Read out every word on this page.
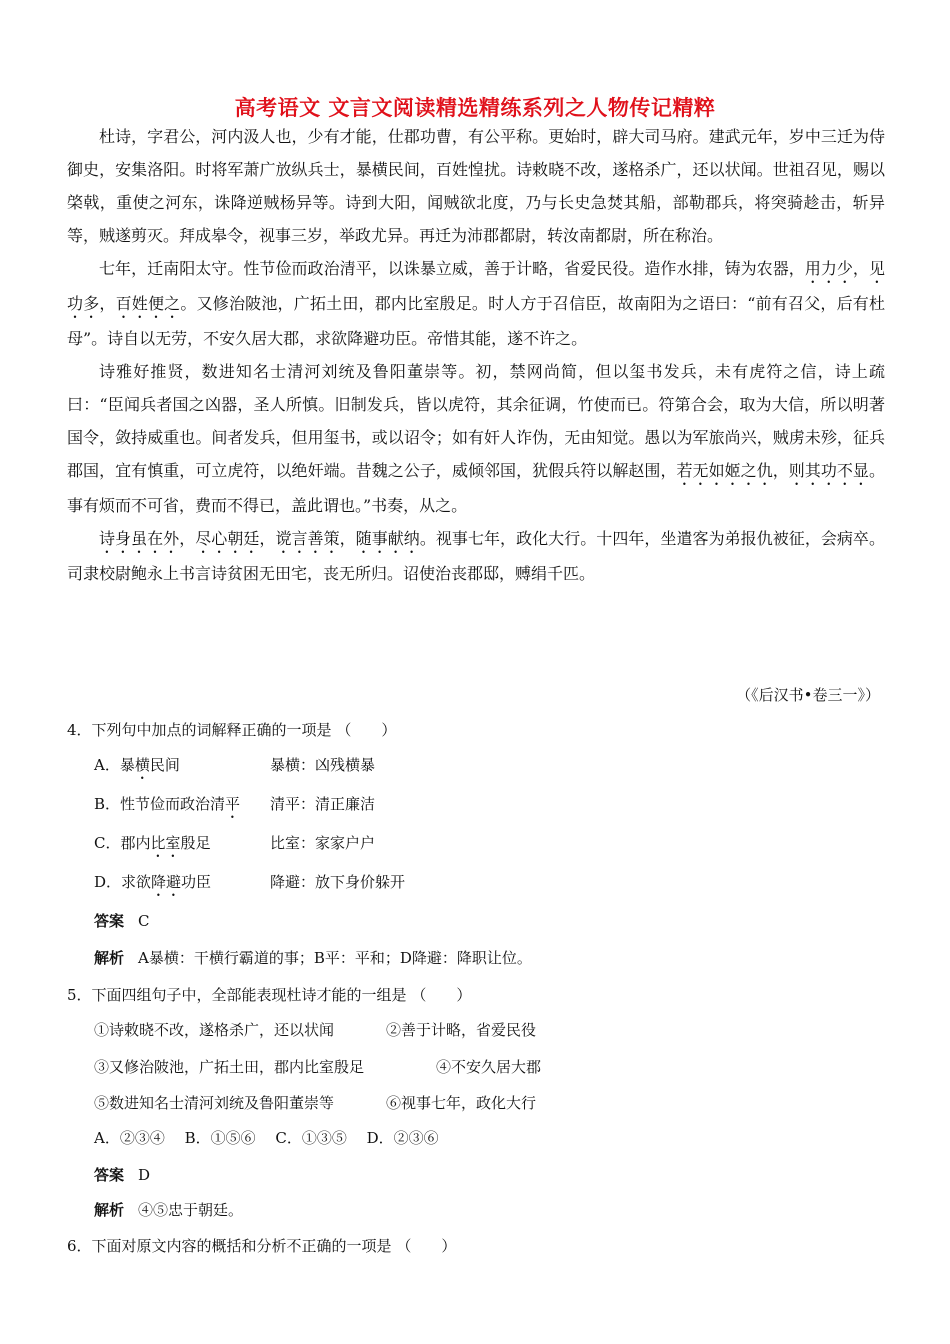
高考语文 文言文阅读精选精练系列之人物传记精粹

杜诗，字君公，河内汲人也，少有才能，仕郡功曹，有公平称。更始时，辟大司马府。建武元年，岁中三迁为侍御史，安集洛阳。时将军萧广放纵兵士，暴横民间，百姓惶扰。诗敕晓不改，遂格杀广，还以状闻。世祖召见，赐以棨戟，重使之河东，诛降逆贼杨异等。诗到大阳，闻贼欲北度，乃与长史急焚其船，部勒郡兵，将突骑趁击，斩异等，贼遂剪灭。拜成皋令，视事三岁，举政尤异。再迁为沛郡都尉，转汝南都尉，所在称治。

七年，迁南阳太守。性节俭而政治清平，以诛暴立威，善于计略，省爱民役。造作水排，铸为农器，用力少，见功多，百姓便之。又修治陂池，广拓土田，郡内比室殷足。时人方于召信臣，故南阳为之语曰：“前有召父，后有杜母”。诗自以无劳，不安久居大郡，求欲降避功臣。帝惜其能，遂不许之。

诗雅好推贤，数进知名士清河刘统及鲁阳董崇等。初，禁网尚简，但以玺书发兵，未有虎符之信，诗上疏曰：“臣闻兵者国之凶器，圣人所慎。旧制发兵，皆以虎符，其余征调，竹使而已。符第合会，取为大信，所以明著国令，敛持威重也。间者发兵，但用玺书，或以诏令；如有奸人诈伪，无由知觉。愚以为军旅尚兴，贼虏未殄，征兵郡国，宜有慎重，可立虎符，以绝奸端。昔魏之公子，威倾邻国，犹假兵符以解赵围，若无如姬之仇，则其功不显。事有烦而不可省，费而不得已，盖此谓也。”书奏，从之。

诗身虽在外，尽心朝廷，谠言善策，随事献纳。视事七年，政化大行。十四年，坐遣客为弟报仇被征，会病卒。司隶校尉鲍永上书言诗贫困无田宅，丧无所归。诏使治丧郡邸，赙绢千匹。

（《后汉书•卷三一》）
4．下列句中加点的词解释正确的一项是 （　　）
A．暴横民间	暴横：凶残横暴
B．性节俭而政治清平 清平：清正廉洁
C．郡内比室殷足	比室：家家户户
D．求欲降避功臣	降避：放下身价躲开
答案 C
解析 A暴横：干横行霸道的事；B平：平和；D降避：降职让位。
5．下面四组句子中，全部能表现杜诗才能的一组是 （　　）
①诗敕晓不改，遂格杀广，还以状闻	②善于计略，省爱民役
③又修治陂池，广拓土田，郡内比室殷足	④不安久居大郡
⑤数进知名士清河刘统及鲁阳董崇等	⑥视事七年，政化大行
A．②③④　 B．①⑤⑥　 C．①③⑤　 D．②③⑥
答案 D
解析 ④⑤忠于朝廷。
6．下面对原文内容的概括和分析不正确的一项是 （　　）
